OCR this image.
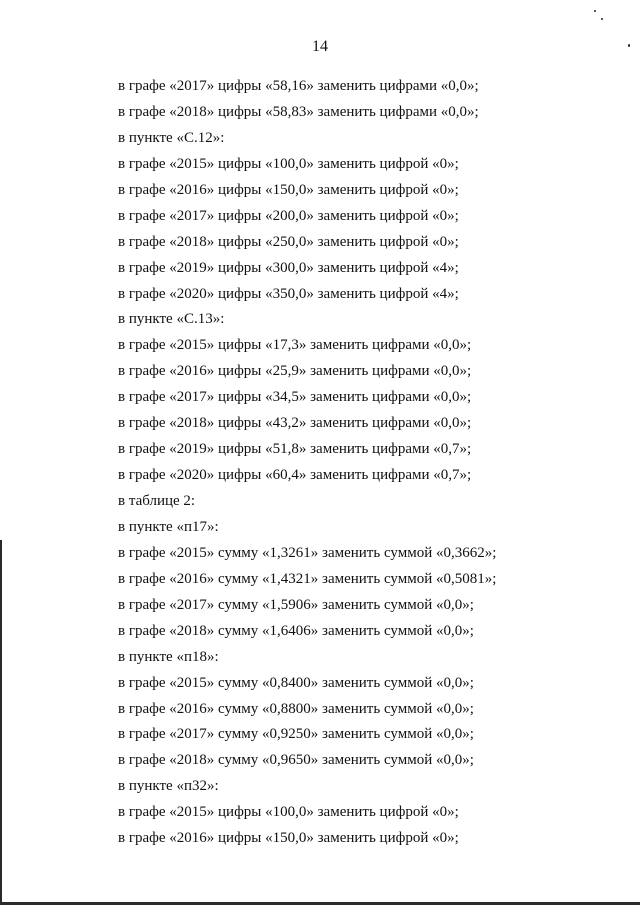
14
в графе «2017» цифры «58,16» заменить цифрами «0,0»;
в графе «2018» цифры «58,83» заменить цифрами «0,0»;
в пункте «С.12»:
в графе «2015» цифры «100,0» заменить цифрой «0»;
в графе «2016» цифры «150,0» заменить цифрой «0»;
в графе «2017» цифры «200,0» заменить цифрой «0»;
в графе «2018» цифры «250,0» заменить цифрой «0»;
в графе «2019» цифры «300,0» заменить цифрой «4»;
в графе «2020» цифры «350,0» заменить цифрой «4»;
в пункте «С.13»:
в графе «2015» цифры «17,3» заменить цифрами «0,0»;
в графе «2016» цифры «25,9» заменить цифрами «0,0»;
в графе «2017» цифры «34,5» заменить цифрами «0,0»;
в графе «2018» цифры «43,2» заменить цифрами «0,0»;
в графе «2019» цифры «51,8» заменить цифрами «0,7»;
в графе «2020» цифры «60,4» заменить цифрами «0,7»;
в таблице 2:
в пункте «п17»:
в графе «2015» сумму «1,3261» заменить суммой «0,3662»;
в графе «2016» сумму «1,4321» заменить суммой «0,5081»;
в графе «2017» сумму «1,5906» заменить суммой «0,0»;
в графе «2018» сумму «1,6406» заменить суммой «0,0»;
в пункте «п18»:
в графе «2015» сумму «0,8400» заменить суммой «0,0»;
в графе «2016» сумму «0,8800» заменить суммой «0,0»;
в графе «2017» сумму «0,9250» заменить суммой «0,0»;
в графе «2018» сумму «0,9650» заменить суммой «0,0»;
в пункте «п32»:
в графе «2015» цифры «100,0» заменить цифрой «0»;
в графе «2016» цифры «150,0» заменить цифрой «0»;
